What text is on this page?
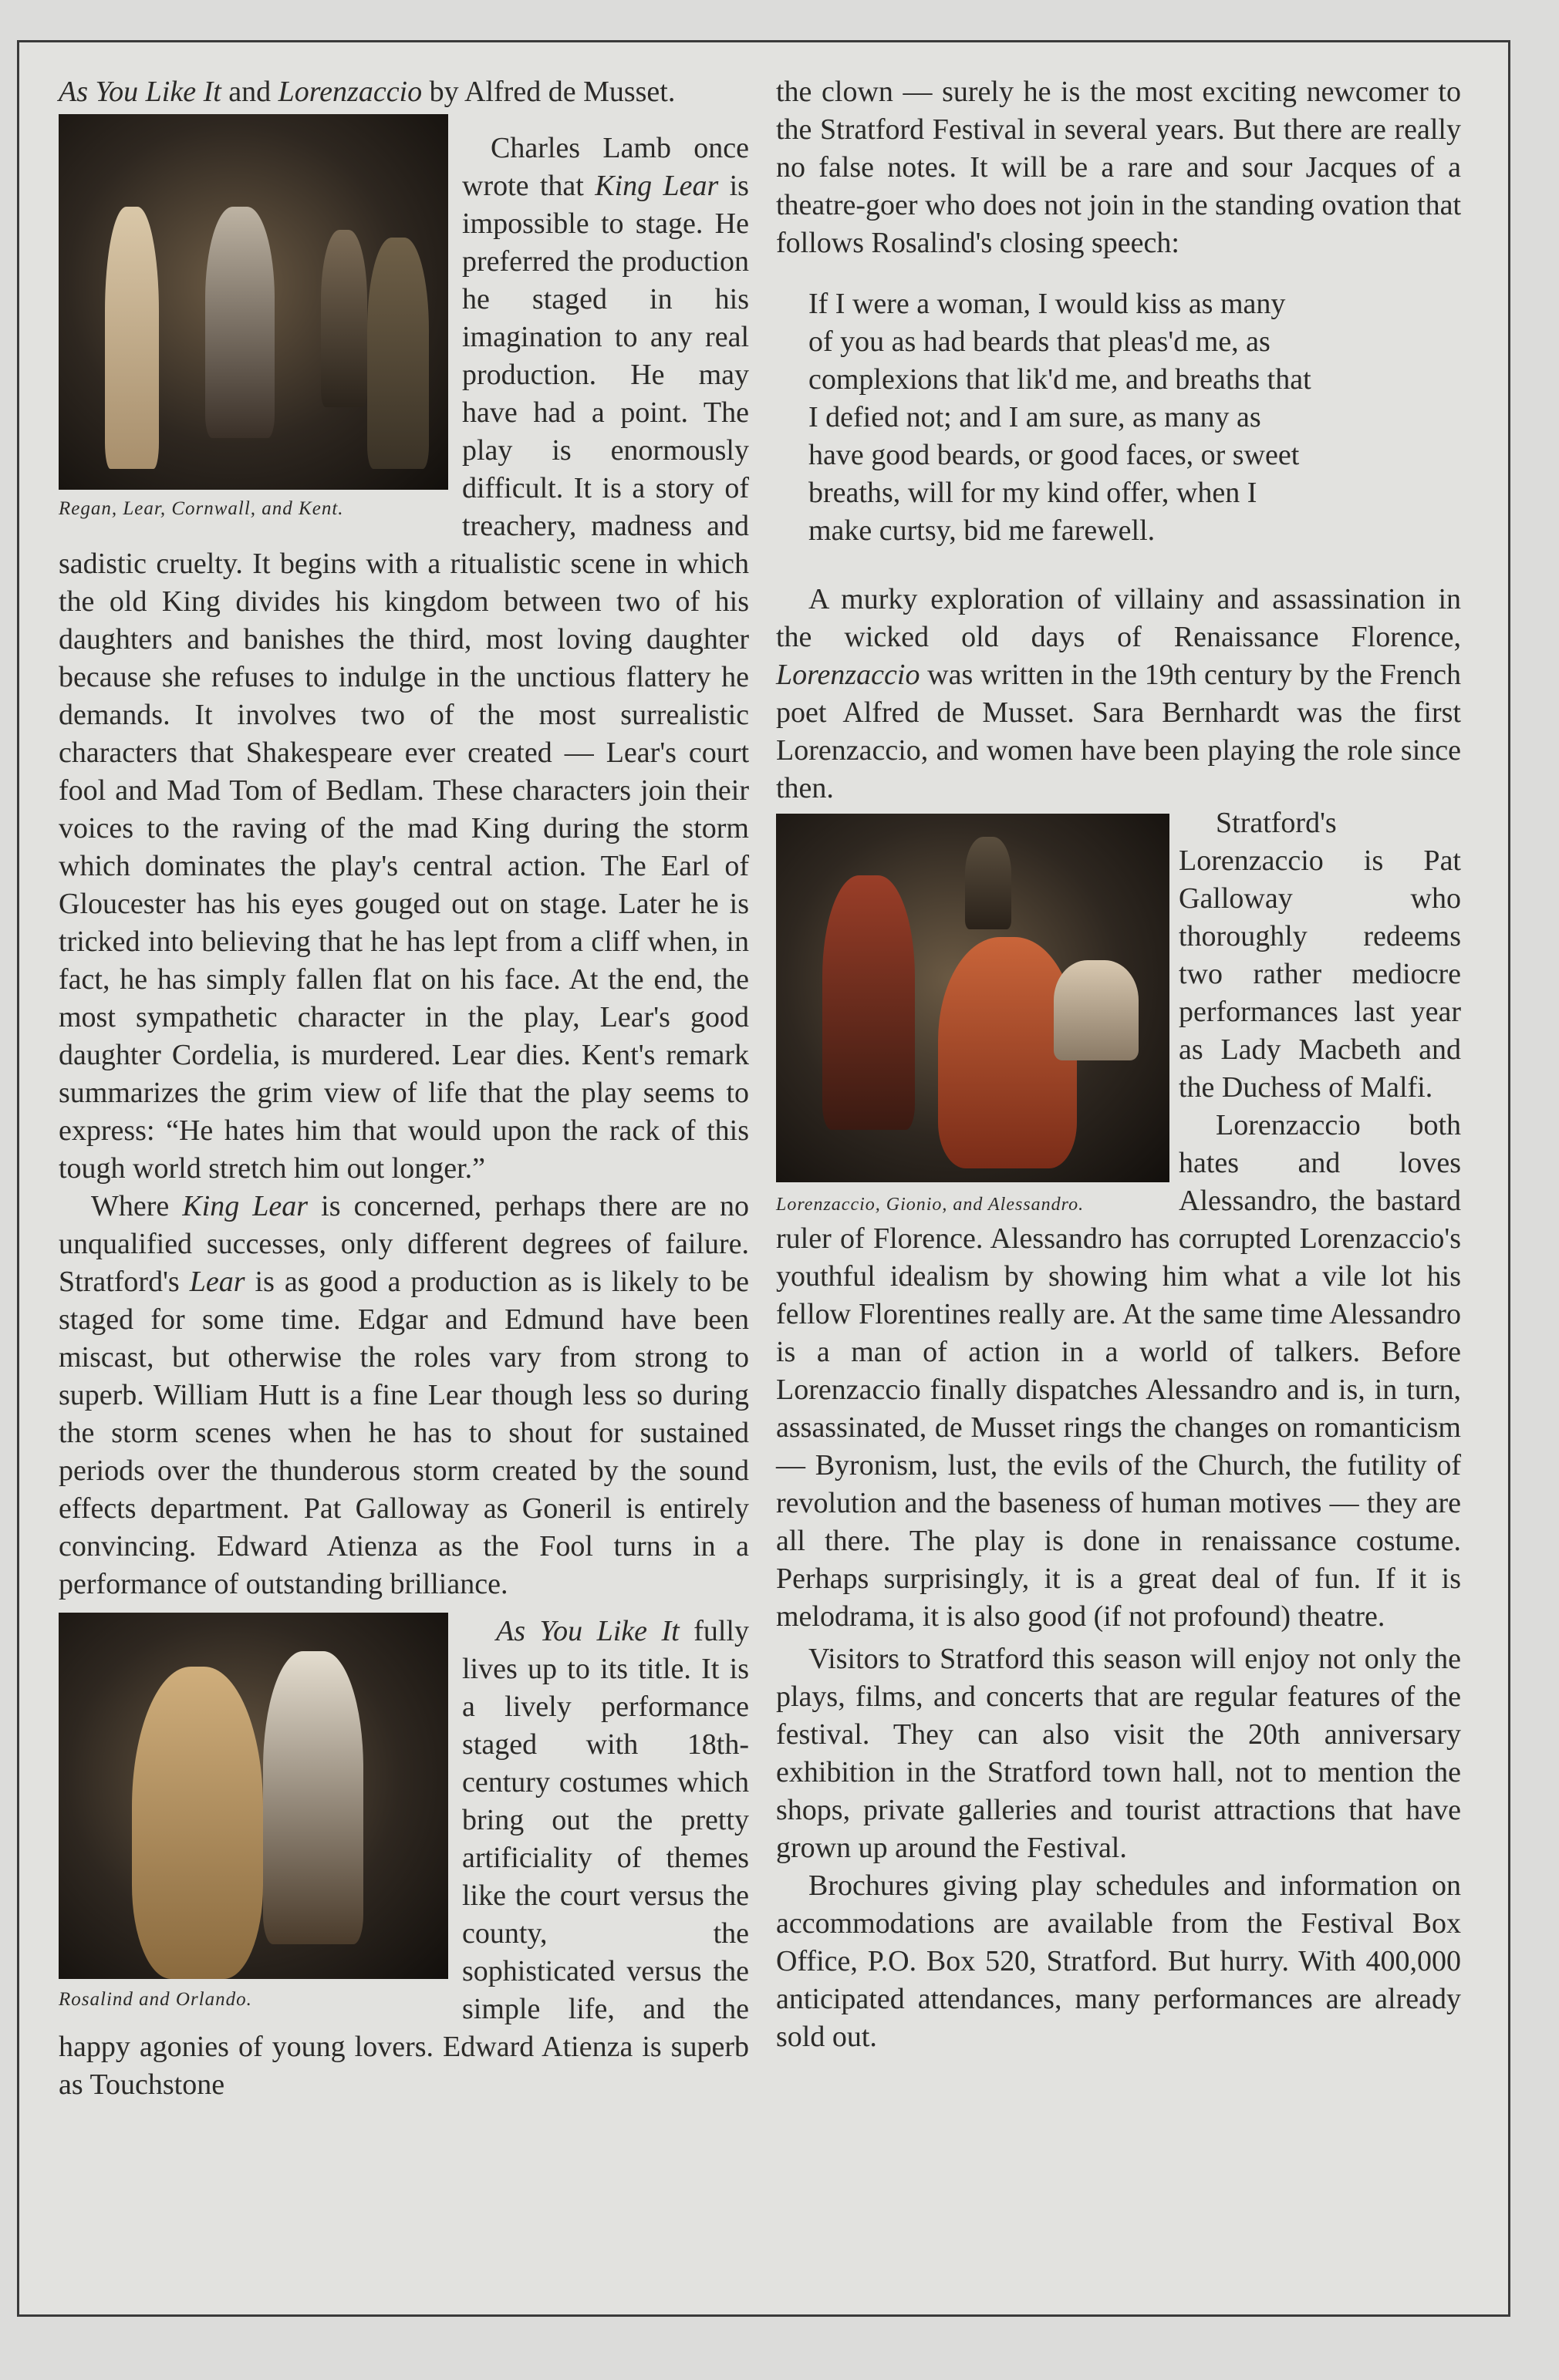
As You Like It and Lorenzaccio by Alfred de Musset.

Regan, Lear, Cornwall, and Kent.

Charles Lamb once wrote that King Lear is impossible to stage. He preferred the production he staged in his imagination to any real production. He may have had a point. The play is enormously difficult. It is a story of treachery, madness and sadistic cruelty. It begins with a ritualistic scene in which the old King divides his kingdom between two of his daughters and banishes the third, most loving daughter because she refuses to indulge in the unctious flattery he demands. It involves two of the most surrealistic characters that Shakespeare ever created — Lear's court fool and Mad Tom of Bedlam. These characters join their voices to the raving of the mad King during the storm which dominates the play's central action. The Earl of Gloucester has his eyes gouged out on stage. Later he is tricked into believing that he has lept from a cliff when, in fact, he has simply fallen flat on his face. At the end, the most sympathetic character in the play, Lear's good daughter Cordelia, is murdered. Lear dies. Kent's remark summarizes the grim view of life that the play seems to express: “He hates him that would upon the rack of this tough world stretch him out longer.”

Where King Lear is concerned, perhaps there are no unqualified successes, only different degrees of failure. Stratford's Lear is as good a production as is likely to be staged for some time. Edgar and Edmund have been miscast, but otherwise the roles vary from strong to superb. William Hutt is a fine Lear though less so during the storm scenes when he has to shout for sustained periods over the thunderous storm created by the sound effects department. Pat Galloway as Goneril is entirely convincing. Edward Atienza as the Fool turns in a performance of outstanding brilliance.

Rosalind and Orlando.

As You Like It fully lives up to its title. It is a lively performance staged with 18th-century costumes which bring out the pretty artificiality of themes like the court versus the county, the sophisticated versus the simple life, and the happy agonies of young lovers. Edward Atienza is superb as Touchstone

the clown — surely he is the most exciting newcomer to the Stratford Festival in several years. But there are really no false notes. It will be a rare and sour Jacques of a theatre-goer who does not join in the standing ovation that follows Rosalind's closing speech:

If I were a woman, I would kiss as many
of you as had beards that pleas'd me, as
complexions that lik'd me, and breaths that
I defied not; and I am sure, as many as
have good beards, or good faces, or sweet
breaths, will for my kind offer, when I
make curtsy, bid me farewell.

A murky exploration of villainy and assassination in the wicked old days of Renaissance Florence, Lorenzaccio was written in the 19th century by the French poet Alfred de Musset. Sara Bernhardt was the first Lorenzaccio, and women have been playing the role since then.

Lorenzaccio, Gionio, and Alessandro.

Stratford's Lorenzaccio is Pat Galloway who thoroughly redeems two rather mediocre performances last year as Lady Macbeth and the Duchess of Malfi.

Lorenzaccio both hates and loves Alessandro, the bastard ruler of Florence. Alessandro has corrupted Lorenzaccio's youthful idealism by showing him what a vile lot his fellow Florentines really are. At the same time Alessandro is a man of action in a world of talkers. Before Lorenzaccio finally dispatches Alessandro and is, in turn, assassinated, de Musset rings the changes on romanticism — Byronism, lust, the evils of the Church, the futility of revolution and the baseness of human motives — they are all there. The play is done in renaissance costume. Perhaps surprisingly, it is a great deal of fun. If it is melodrama, it is also good (if not profound) theatre.

Visitors to Stratford this season will enjoy not only the plays, films, and concerts that are regular features of the festival. They can also visit the 20th anniversary exhibition in the Stratford town hall, not to mention the shops, private galleries and tourist attractions that have grown up around the Festival.

Brochures giving play schedules and information on accommodations are available from the Festival Box Office, P.O. Box 520, Stratford. But hurry. With 400,000 anticipated attendances, many performances are already sold out.
